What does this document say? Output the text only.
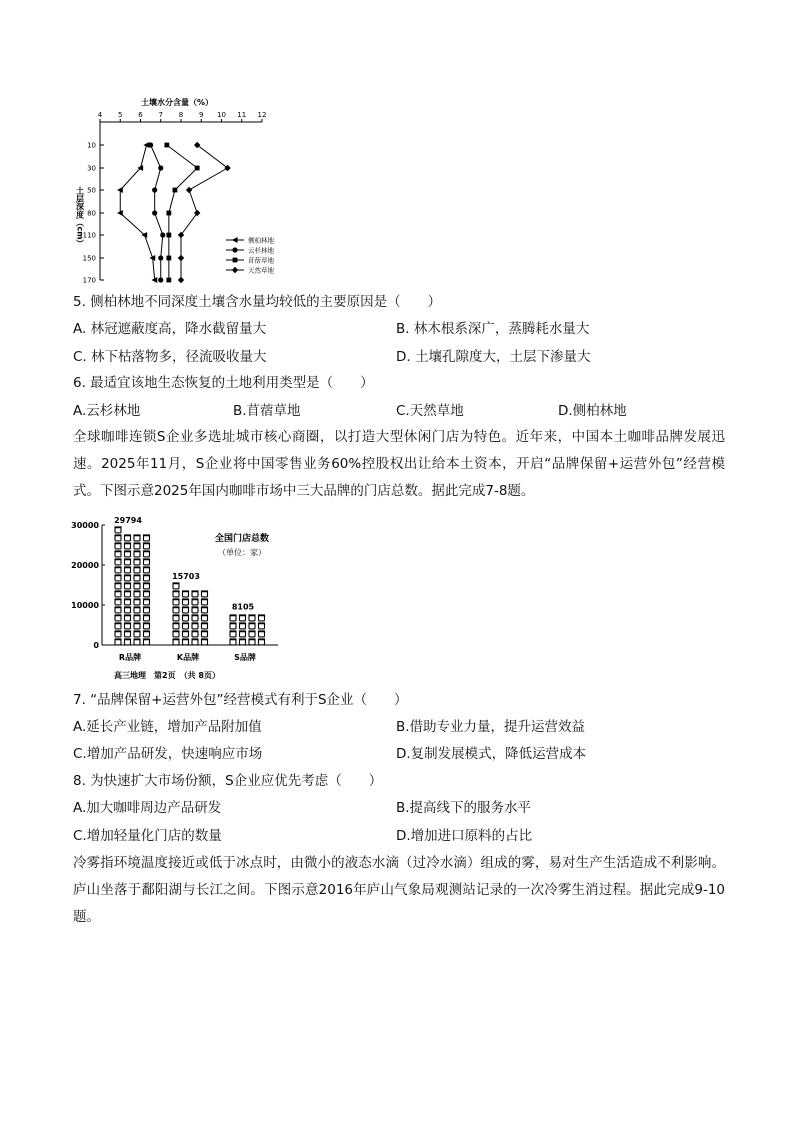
土壤水分含量（%）
土层深度（cm）
4 5 6 7 8 9 10 11 12
10
30
50
80
110
150
170
侧柏林地
云杉林地
苜蓿草地
天然草地
5. 侧柏林地不同深度土壤含水量均较低的主要原因是（　　）
A. 林冠遮蔽度高，降水截留量大	B. 林木根系深广，蒸腾耗水量大
C. 林下枯落物多，径流吸收量大	D. 土壤孔隙度大，土层下渗量大
6. 最适宜该地生态恢复的土地利用类型是（　　）
A.云杉林地	B.苜蓿草地	C.天然草地	D.侧柏林地
全球咖啡连锁S企业多选址城市核心商圈，以打造大型休闲门店为特色。近年来，中国本土咖啡品牌发展迅速。2025年11月，S企业将中国零售业务60%控股权出让给本土资本，开启“品牌保留+运营外包”经营模式。下图示意2025年国内咖啡市场中三大品牌的门店总数。据此完成7-8题。
30000
20000
10000
0
29794
R品牌
15703
K品牌
8105
S品牌
全国门店总数
（单位：家）
高三地理　第2页　（共 8页）
7. “品牌保留+运营外包”经营模式有利于S企业（　　）
A.延长产业链，增加产品附加值	B.借助专业力量，提升运营效益
C.增加产品研发，快速响应市场	D.复制发展模式，降低运营成本
8. 为快速扩大市场份额，S企业应优先考虑（　　）
A.加大咖啡周边产品研发	B.提高线下的服务水平
C.增加轻量化门店的数量	D.增加进口原料的占比
冷雾指环境温度接近或低于冰点时，由微小的液态水滴（过冷水滴）组成的雾，易对生产生活造成不利影响。庐山坐落于鄱阳湖与长江之间。下图示意2016年庐山气象局观测站记录的一次冷雾生消过程。据此完成9-10题。
